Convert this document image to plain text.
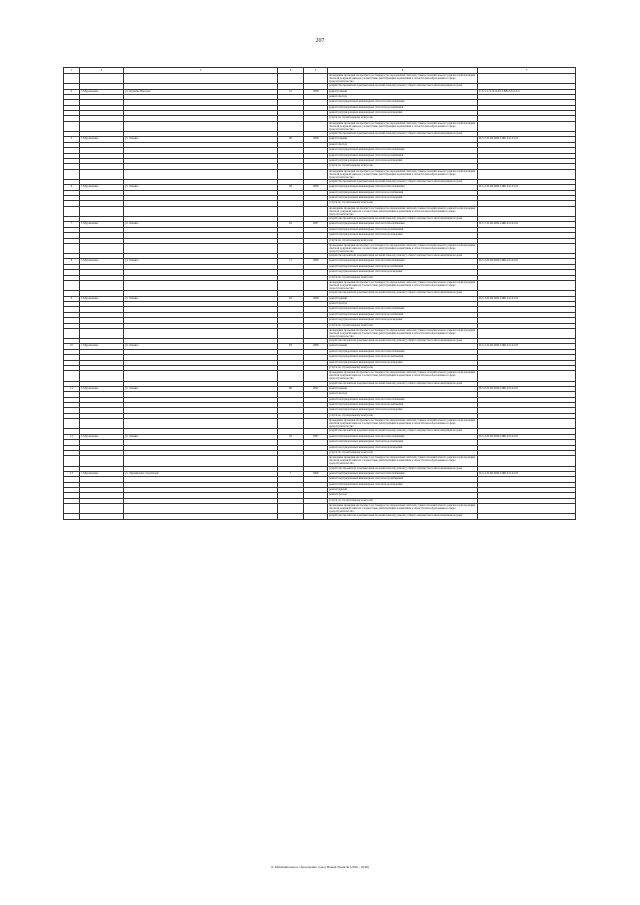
207
1	2	3	4	5	6	7
					проведение проверки на предмет достоверности определения сметной стоимости капитального ремонта или проверки сметной документации на соответствие действующим нормативам в области ценообразования в сфере градостроительства	
					разработка проектной документации на капитальному ремонту общего имущества в многоквартирном доме	
4	г. Муравленко	ул. Дружбы Народов	12	1998	ремонт крыши	С-5-5-1-Э-Ч-Л-Р3-СВВ-0-0-0-0-0
					ремонт фасада	
					ремонт внутридомовых инженерных систем теплоснабжения	
					ремонт внутридомовых инженерных систем водоснабжения	
					ремонт внутридомовых инженерных систем водоотведения	
					услуги по строительному контролю	
					проведение проверки на предмет достоверности определения сметной стоимости капитального ремонта или проверки сметной документации на соответствие действующим нормативам в области ценообразования в сфере градостроительства	
					разработка проектной документации на капитальному ремонту общего имущества в многоквартирном доме	
5	г. Муравленко	ул. Ленина	46	1998	ремонт крыши	П-5-5-П-Ш-ШП-СЖБ-0-0-0-0-0
					ремонт фасада	
					ремонт внутридомовых инженерных систем теплоснабжения	
					ремонт внутридомовых инженерных систем водоснабжения	
					ремонт внутридомовых инженерных систем водоотведения	
					услуги по строительному контролю	
					проведение проверки на предмет достоверности определения сметной стоимости капитального ремонта или проверки сметной документации на соответствие действующим нормативам в области ценообразования в сфере градостроительства	
					разработка проектной документации на капитальному ремонту общего имущества в многоквартирном доме	
6	г. Муравленко	ул. Ленина	48	1988	ремонт внутридомовых инженерных систем теплоснабжения	П-5-4-П-Ш-ШП-СЖБ-0-0-0-0-0
					ремонт внутридомовых инженерных систем водоснабжения	
					ремонт внутридомовых инженерных систем водоотведения	
					услуги по строительному контролю	
					проведение проверки на предмет достоверности определения сметной стоимости капитального ремонта или проверки сметной документации на соответствие действующим нормативам в области ценообразования в сфере градостроительства	
					разработка проектной документации на капитальному ремонту общего имущества в многоквартирном доме	
7	г. Муравленко	ул. Ленина	62	1987	ремонт внутридомовых инженерных систем теплоснабжения	П-5-7-П-Ш-ШП-СЖБ-0-0-0-0-0
					ремонт внутридомовых инженерных систем водоснабжения	
					ремонт внутридомовых инженерных систем водоотведения	
					услуги по строительному контролю	
					проведение проверки на предмет достоверности определения сметной стоимости капитального ремонта или проверки сметной документации на соответствие действующим нормативам в области ценообразования в сфере градостроительства	
					разработка проектной документации на капитальному ремонту общего имущества в многоквартирном доме	
8	г. Муравленко	ул. Ленина	71	1988	ремонт внутридомовых инженерных систем теплоснабжения	П-5-4-П-Ш-ШП-СЖБ-0-0-0-0-0
					ремонт внутридомовых инженерных систем водоснабжения	
					ремонт внутридомовых инженерных систем водоотведения	
					услуги по строительному контролю	
					проведение проверки на предмет достоверности определения сметной стоимости капитального ремонта или проверки сметной документации на соответствие действующим нормативам в области ценообразования в сфере градостроительства	
					разработка проектной документации на капитальному ремонту общего имущества в многоквартирном доме	
9	г. Муравленко	ул. Ленина	81	1998	ремонт крыши	П-5-3-П-Ш-ШП-СЖБ-0-0-0-0-0
					ремонт фасада	
					ремонт внутридомовых инженерных систем теплоснабжения	
					ремонт внутридомовых инженерных систем водоснабжения	
					ремонт внутридомовых инженерных систем водоотведения	
					услуги по строительному контролю	
					проведение проверки на предмет достоверности определения сметной стоимости капитального ремонта или проверки сметной документации на соответствие действующим нормативам в области ценообразования в сфере градостроительства	
					разработка проектной документации на капитальному ремонту общего имущества в многоквартирном доме	
10	г. Муравленко	ул. Ленина	83	1988	ремонт крыши	П-5-3-П-Ш-ШП-СЖБ-0-0-0-0-0
					ремонт внутридомовых инженерных систем теплоснабжения	
					ремонт внутридомовых инженерных систем водоснабжения	
					ремонт внутридомовых инженерных систем водоотведения	
					услуги по строительному контролю	
					проведение проверки на предмет достоверности определения сметной стоимости капитального ремонта или проверки сметной документации на соответствие действующим нормативам в области ценообразования в сфере градостроительства	
					разработка проектной документации на капитальному ремонту общего имущества в многоквартирном доме	
11	г. Муравленко	ул. Ленина	86	1992	ремонт крыши	П-5-6-П-Ш-ШП-СЖБ-0-0-0-0-0
					ремонт фасада	
					ремонт внутридомовых инженерных систем теплоснабжения	
					ремонт внутридомовых инженерных систем водоснабжения	
					ремонт внутридомовых инженерных систем водоотведения	
					услуги по строительному контролю	
					проведение проверки на предмет достоверности определения сметной стоимости капитального ремонта или проверки сметной документации на соответствие действующим нормативам в области ценообразования в сфере градостроительства	
					разработка проектной документации на капитальному ремонту общего имущества в многоквартирном доме	
12	г. Муравленко	ул. Ленина	93	1987	ремонт внутридомовых инженерных систем теплоснабжения	П-5-4-П-Ш-ШП-СЖБ-0-0-0-0-0
					ремонт внутридомовых инженерных систем водоснабжения	
					ремонт внутридомовых инженерных систем водоотведения	
					услуги по строительному контролю	
					проведение проверки на предмет достоверности определения сметной стоимости капитального ремонта или проверки сметной документации на соответствие действующим нормативам в области ценообразования в сфере градостроительства	
					разработка проектной документации на капитальному ремонту общего имущества в многоквартирном доме	
13	г. Муравленко	ул. Украинских строителей	7	1998	ремонт внутридомовых инженерных систем теплоснабжения	П-5-4-П-Ш-ШП-СЖБ-0-0-0-0-0
					ремонт внутридомовых инженерных систем водоснабжения	
					ремонт внутридомовых инженерных систем водоотведения	
					ремонт крыши	
					ремонт фасада	
					услуги по строительному контролю	
					проведение проверки на предмет достоверности определения сметной стоимости капитального ремонта или проверки сметной документации на соответствие действующим нормативам в области ценообразования в сфере градостроительства	
					разработка проектной документации на капитальному ремонту общего имущества в многоквартирном доме	
8. Муниципальное образование город Новый Уренгой (2020 - 2048)
